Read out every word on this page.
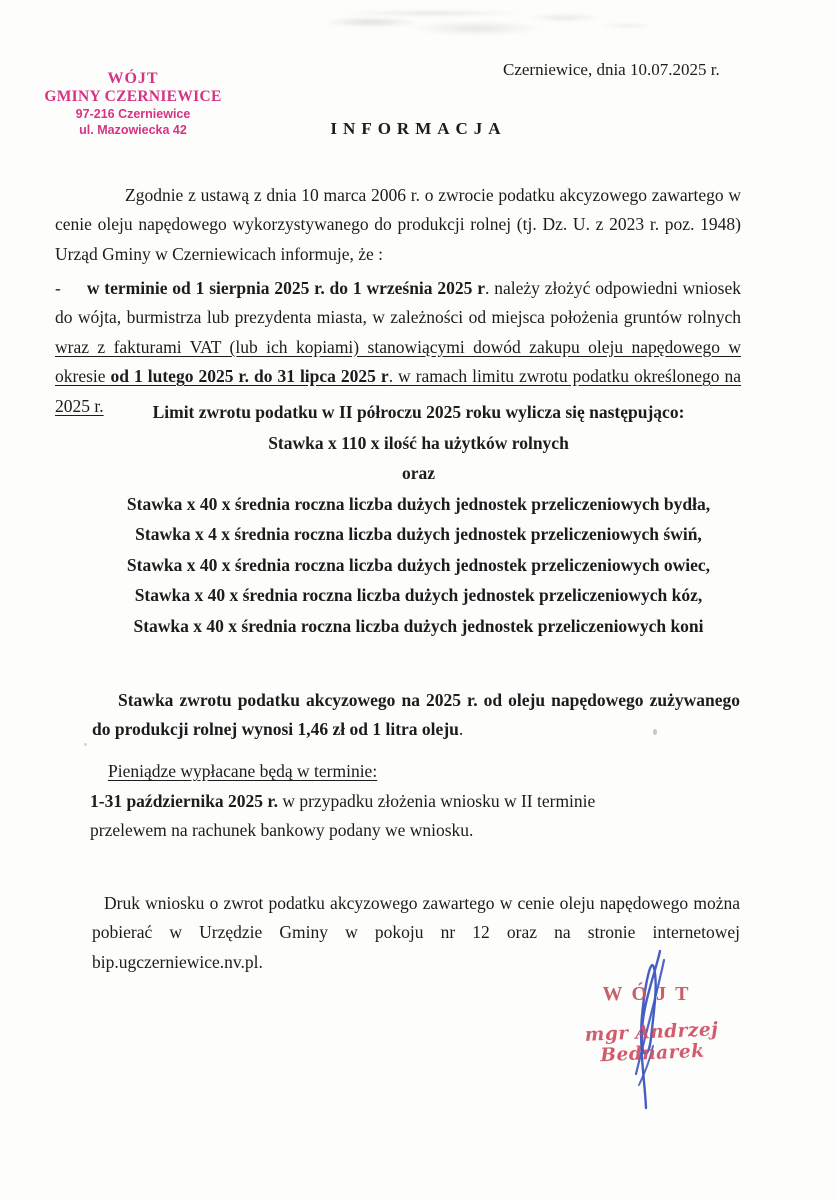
WÓJT
GMINY CZERNIEWICE
97-216 Czerniewice
ul. Mazowiecka 42
Czerniewice, dnia 10.07.2025 r.
INFORMACJA

Zgodnie z ustawą z dnia 10 marca 2006 r. o zwrocie podatku akcyzowego zawartego w cenie oleju napędowego wykorzystywanego do produkcji rolnej (tj. Dz. U. z 2023 r. poz. 1948) Urząd Gminy w Czerniewicach informuje, że :

- w terminie od 1 sierpnia 2025 r. do 1 września 2025 r. należy złożyć odpowiedni wniosek do wójta, burmistrza lub prezydenta miasta, w zależności od miejsca położenia gruntów rolnych wraz z fakturami VAT (lub ich kopiami) stanowiącymi dowód zakupu oleju napędowego w okresie od 1 lutego 2025 r. do 31 lipca 2025 r. w ramach limitu zwrotu podatku określonego na 2025 r.	Limit zwrotu podatku w II półroczu 2025 roku wylicza się następująco:
Stawka x 110 x ilość ha użytków rolnych
oraz
Stawka x 40 x średnia roczna liczba dużych jednostek przeliczeniowych bydła,
Stawka x 4 x średnia roczna liczba dużych jednostek przeliczeniowych świń,
Stawka x 40 x średnia roczna liczba dużych jednostek przeliczeniowych owiec,
Stawka x 40 x średnia roczna liczba dużych jednostek przeliczeniowych kóz,
Stawka x 40 x średnia roczna liczba dużych jednostek przeliczeniowych koni

Stawka zwrotu podatku akcyzowego na 2025 r. od oleju napędowego zużywanego do produkcji rolnej wynosi 1,46 zł od 1 litra oleju.

Pieniądze wypłacane będą w terminie:
1-31 października 2025 r. w przypadku złożenia wniosku w II terminie
przelewem na rachunek bankowy podany we wniosku.

Druk wniosku o zwrot podatku akcyzowego zawartego w cenie oleju napędowego można pobierać w Urzędzie Gminy w pokoju nr 12 oraz na stronie internetowej bip.ugczerniewice.nv.pl.

WÓJT
mgr Andrzej Bednarek
